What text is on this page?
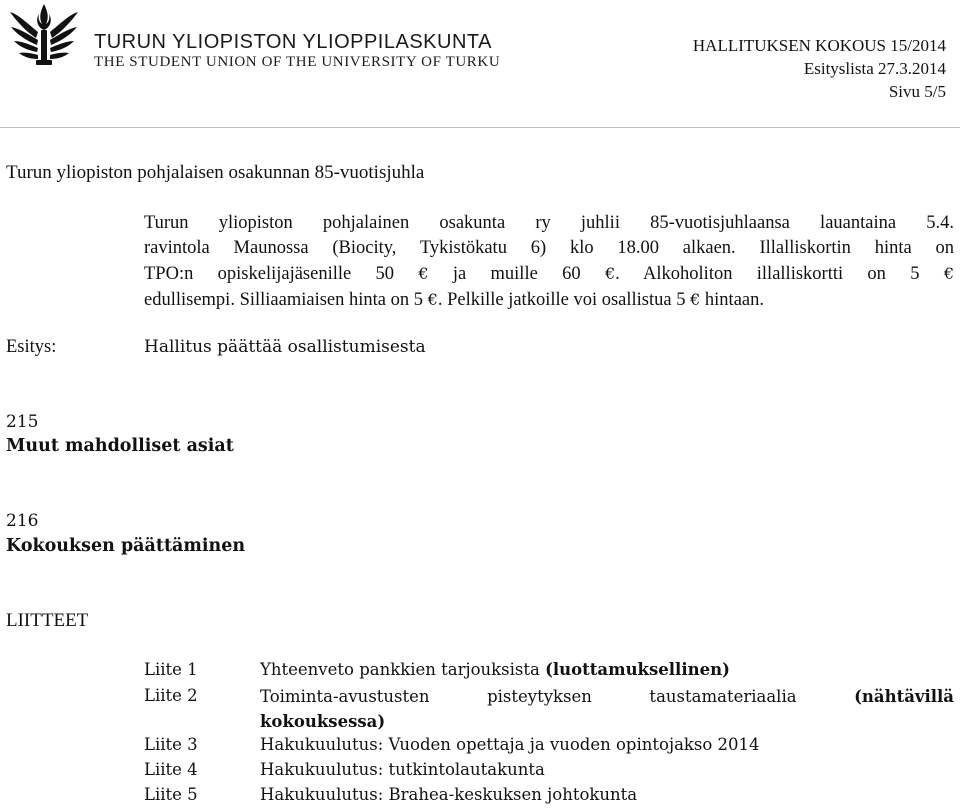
TURUN YLIOPISTON YLIOPPILASKUNTA
THE STUDENT UNION OF THE UNIVERSITY OF TURKU
HALLITUKSEN KOKOUS 15/2014
Esityslista 27.3.2014
Sivu 5/5
Turun yliopiston pohjalaisen osakunnan 85-vuotisjuhla
Turun yliopiston pohjalainen osakunta ry juhlii 85-vuotisjuhlaansa lauantaina 5.4.
ravintola Maunossa (Biocity, Tykistökatu 6) klo 18.00 alkaen. Illalliskortin hinta on
TPO:n opiskelijajäsenille 50 € ja muille 60 €. Alkoholiton illalliskortti on 5 €
edullisempi. Silliaamiaisen hinta on 5 €. Pelkille jatkoille voi osallistua 5 € hintaan.
Esitys:	Hallitus päättää osallistumisesta
215
Muut mahdolliset asiat
216
Kokouksen päättäminen
LIITTEET
Liite 1	Yhteenveto pankkien tarjouksista (luottamuksellinen)
Liite 2	Toiminta-avustusten pisteytyksen taustamateriaalia (nähtävillä kokouksessa)
Liite 3	Hakukuulutus: Vuoden opettaja ja vuoden opintojakso 2014
Liite 4	Hakukuulutus: tutkintolautakunta
Liite 5	Hakukuulutus: Brahea-keskuksen johtokunta
